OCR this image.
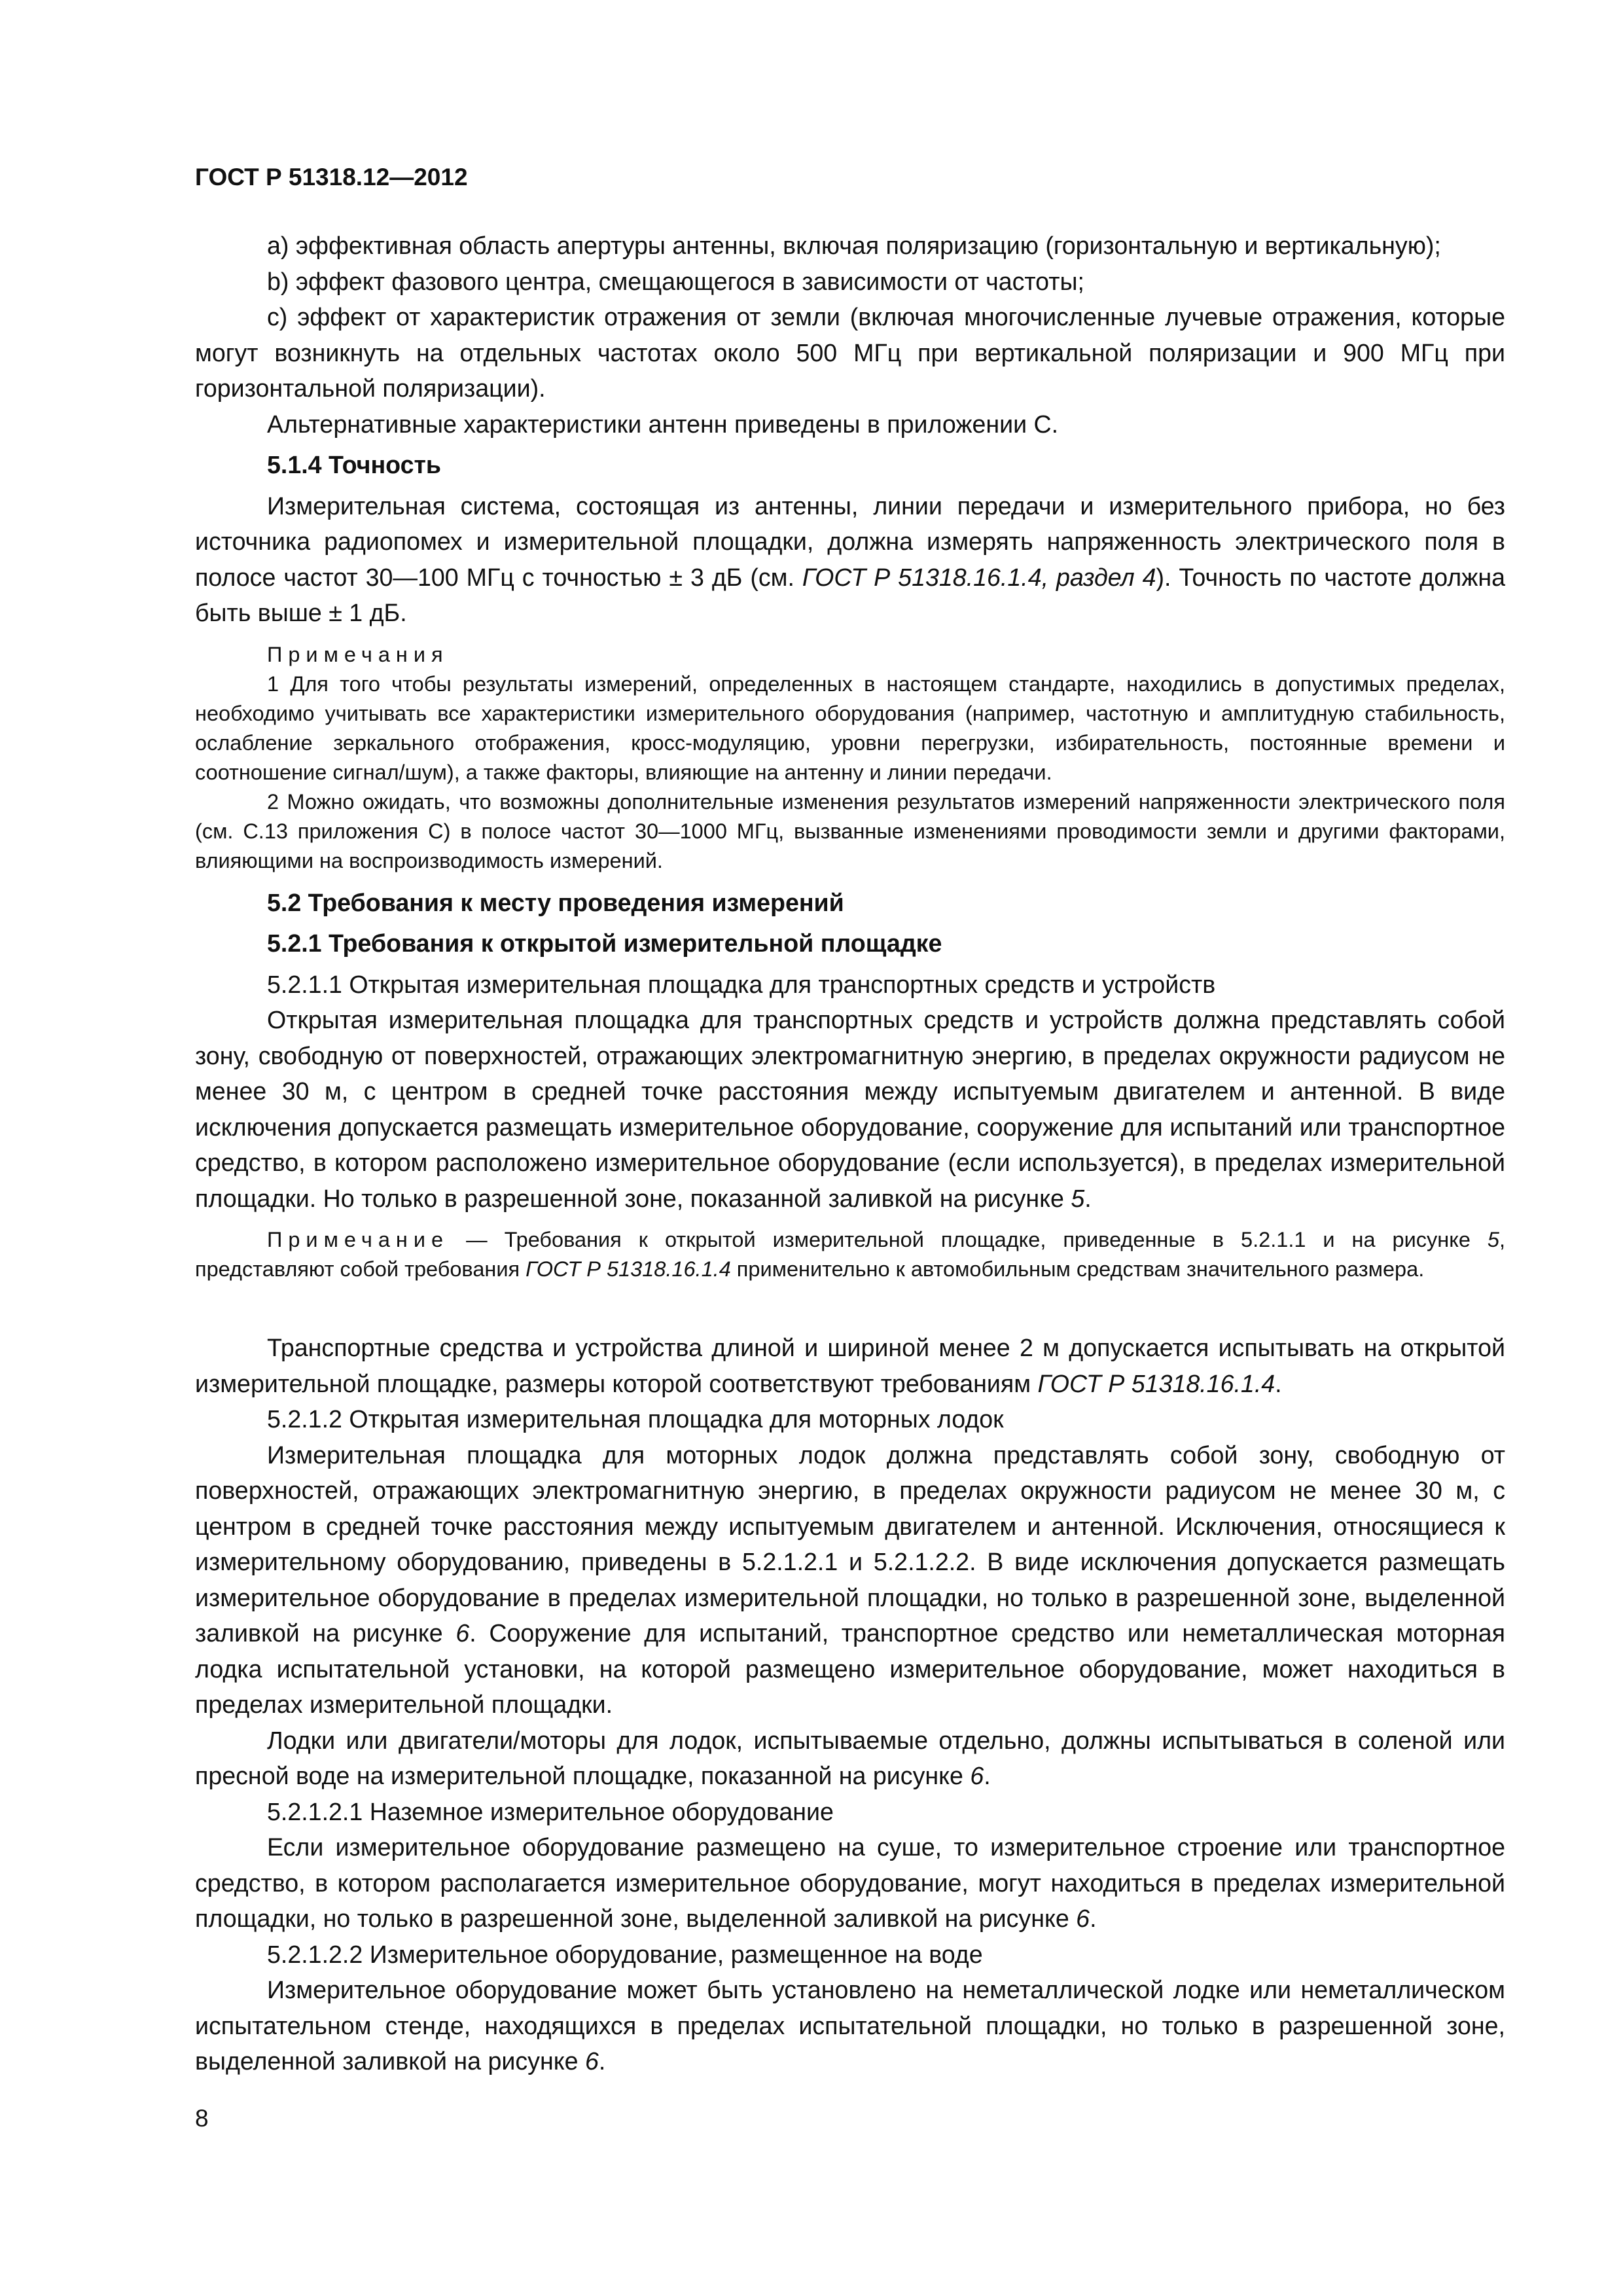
ГОСТ Р 51318.12—2012

а) эффективная область апертуры антенны, включая поляризацию (горизонтальную и вертикальную);

b) эффект фазового центра, смещающегося в зависимости от частоты;

с) эффект от характеристик отражения от земли (включая многочисленные лучевые отражения, которые могут возникнуть на отдельных частотах около 500 МГц при вертикальной поляризации и 900 МГц при горизонтальной поляризации).

Альтернативные характеристики антенн приведены в приложении С.

5.1.4 Точность

Измерительная система, состоящая из антенны, линии передачи и измерительного прибора, но без источника радиопомех и измерительной площадки, должна измерять напряженность электрического поля в полосе частот 30—100 МГц с точностью ± 3 дБ (см. ГОСТ Р 51318.16.1.4, раздел 4). Точность по частоте должна быть выше ± 1 дБ.

Примечания

1 Для того чтобы результаты измерений, определенных в настоящем стандарте, находились в допустимых пределах, необходимо учитывать все характеристики измерительного оборудования (например, частотную и амплитудную стабильность, ослабление зеркального отображения, кросс-модуляцию, уровни перегрузки, избирательность, постоянные времени и соотношение сигнал/шум), а также факторы, влияющие на антенну и линии передачи.

2 Можно ожидать, что возможны дополнительные изменения результатов измерений напряженности электрического поля (см. С.13 приложения С) в полосе частот 30—1000 МГц, вызванные изменениями проводимости земли и другими факторами, влияющими на воспроизводимость измерений.

5.2 Требования к месту проведения измерений

5.2.1 Требования к открытой измерительной площадке

5.2.1.1 Открытая измерительная площадка для транспортных средств и устройств

Открытая измерительная площадка для транспортных средств и устройств должна представлять собой зону, свободную от поверхностей, отражающих электромагнитную энергию, в пределах окружности радиусом не менее 30 м, с центром в средней точке расстояния между испытуемым двигателем и антенной. В виде исключения допускается размещать измерительное оборудование, сооружение для испытаний или транспортное средство, в котором расположено измерительное оборудование (если используется), в пределах измерительной площадки. Но только в разрешенной зоне, показанной заливкой на рисунке 5.

Примечание — Требования к открытой измерительной площадке, приведенные в 5.2.1.1 и на рисунке 5, представляют собой требования ГОСТ Р 51318.16.1.4 применительно к автомобильным средствам значительного размера.

Транспортные средства и устройства длиной и шириной менее 2 м допускается испытывать на открытой измерительной площадке, размеры которой соответствуют требованиям ГОСТ Р 51318.16.1.4.

5.2.1.2 Открытая измерительная площадка для моторных лодок

Измерительная площадка для моторных лодок должна представлять собой зону, свободную от поверхностей, отражающих электромагнитную энергию, в пределах окружности радиусом не менее 30 м, с центром в средней точке расстояния между испытуемым двигателем и антенной. Исключения, относящиеся к измерительному оборудованию, приведены в 5.2.1.2.1 и 5.2.1.2.2. В виде исключения допускается размещать измерительное оборудование в пределах измерительной площадки, но только в разрешенной зоне, выделенной заливкой на рисунке 6. Сооружение для испытаний, транспортное средство или неметаллическая моторная лодка испытательной установки, на которой размещено измерительное оборудование, может находиться в пределах измерительной площадки.

Лодки или двигатели/моторы для лодок, испытываемые отдельно, должны испытываться в соленой или пресной воде на измерительной площадке, показанной на рисунке 6.

5.2.1.2.1 Наземное измерительное оборудование

Если измерительное оборудование размещено на суше, то измерительное строение или транспортное средство, в котором располагается измерительное оборудование, могут находиться в пределах измерительной площадки, но только в разрешенной зоне, выделенной заливкой на рисунке 6.

5.2.1.2.2 Измерительное оборудование, размещенное на воде

Измерительное оборудование может быть установлено на неметаллической лодке или неметаллическом испытательном стенде, находящихся в пределах испытательной площадки, но только в разрешенной зоне, выделенной заливкой на рисунке 6.

8
